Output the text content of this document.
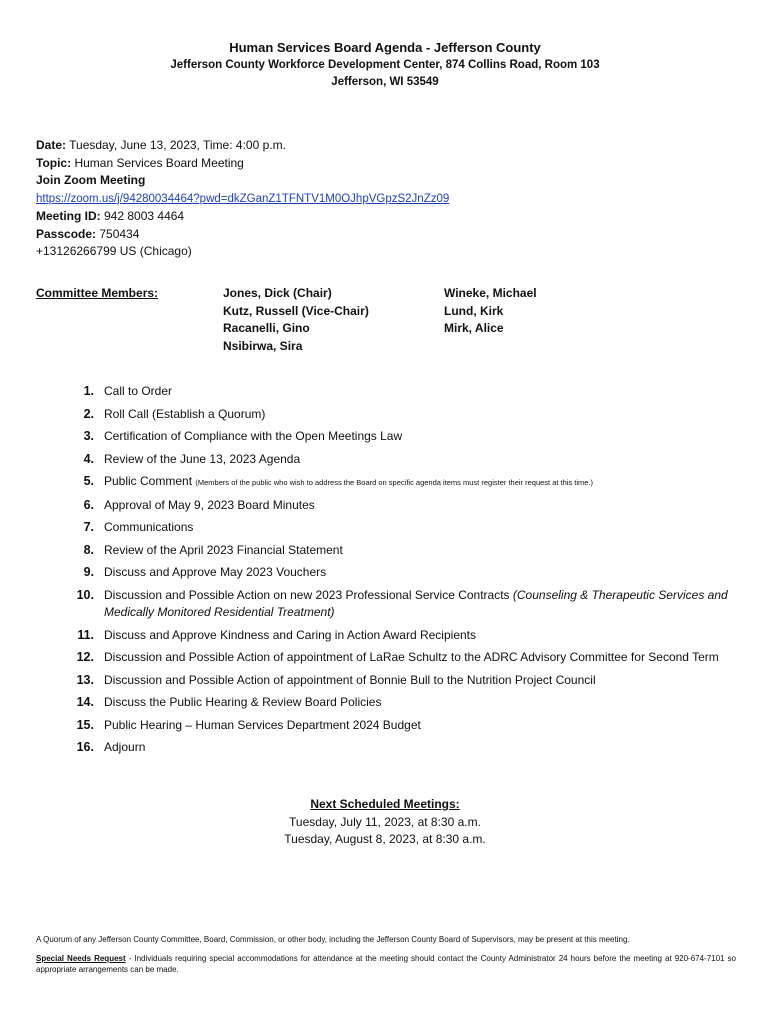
Human Services Board Agenda - Jefferson County
Jefferson County Workforce Development Center, 874 Collins Road, Room 103
Jefferson, WI 53549
Date: Tuesday, June 13, 2023, Time: 4:00 p.m.
Topic: Human Services Board Meeting
Join Zoom Meeting
https://zoom.us/j/94280034464?pwd=dkZGanZ1TFNTV1M0OJhpVGpzS2JnZz09
Meeting ID: 942 8003 4464
Passcode: 750434
+13126266799 US (Chicago)
Committee Members:	Jones, Dick (Chair)
Kutz, Russell (Vice-Chair)
Racanelli, Gino
Nsibirwa, Sira
Wineke, Michael
Lund, Kirk
Mirk, Alice
1. Call to Order
2. Roll Call (Establish a Quorum)
3. Certification of Compliance with the Open Meetings Law
4. Review of the June 13, 2023 Agenda
5. Public Comment (Members of the public who wish to address the Board on specific agenda items must register their request at this time.)
6. Approval of May 9, 2023 Board Minutes
7. Communications
8. Review of the April 2023 Financial Statement
9. Discuss and Approve May 2023 Vouchers
10. Discussion and Possible Action on new 2023 Professional Service Contracts (Counseling & Therapeutic Services and Medically Monitored Residential Treatment)
11. Discuss and Approve Kindness and Caring in Action Award Recipients
12. Discussion and Possible Action of appointment of LaRae Schultz to the ADRC Advisory Committee for Second Term
13. Discussion and Possible Action of appointment of Bonnie Bull to the Nutrition Project Council
14. Discuss the Public Hearing & Review Board Policies
15. Public Hearing – Human Services Department 2024 Budget
16. Adjourn
Next Scheduled Meetings:
Tuesday, July 11, 2023, at 8:30 a.m.
Tuesday, August 8, 2023, at 8:30 a.m.

A Quorum of any Jefferson County Committee, Board, Commission, or other body, including the Jefferson County Board of Supervisors, may be present at this meeting.

Special Needs Request - Individuals requiring special accommodations for attendance at the meeting should contact the County Administrator 24 hours before the meeting at 920-674-7101 so appropriate arrangements can be made.
